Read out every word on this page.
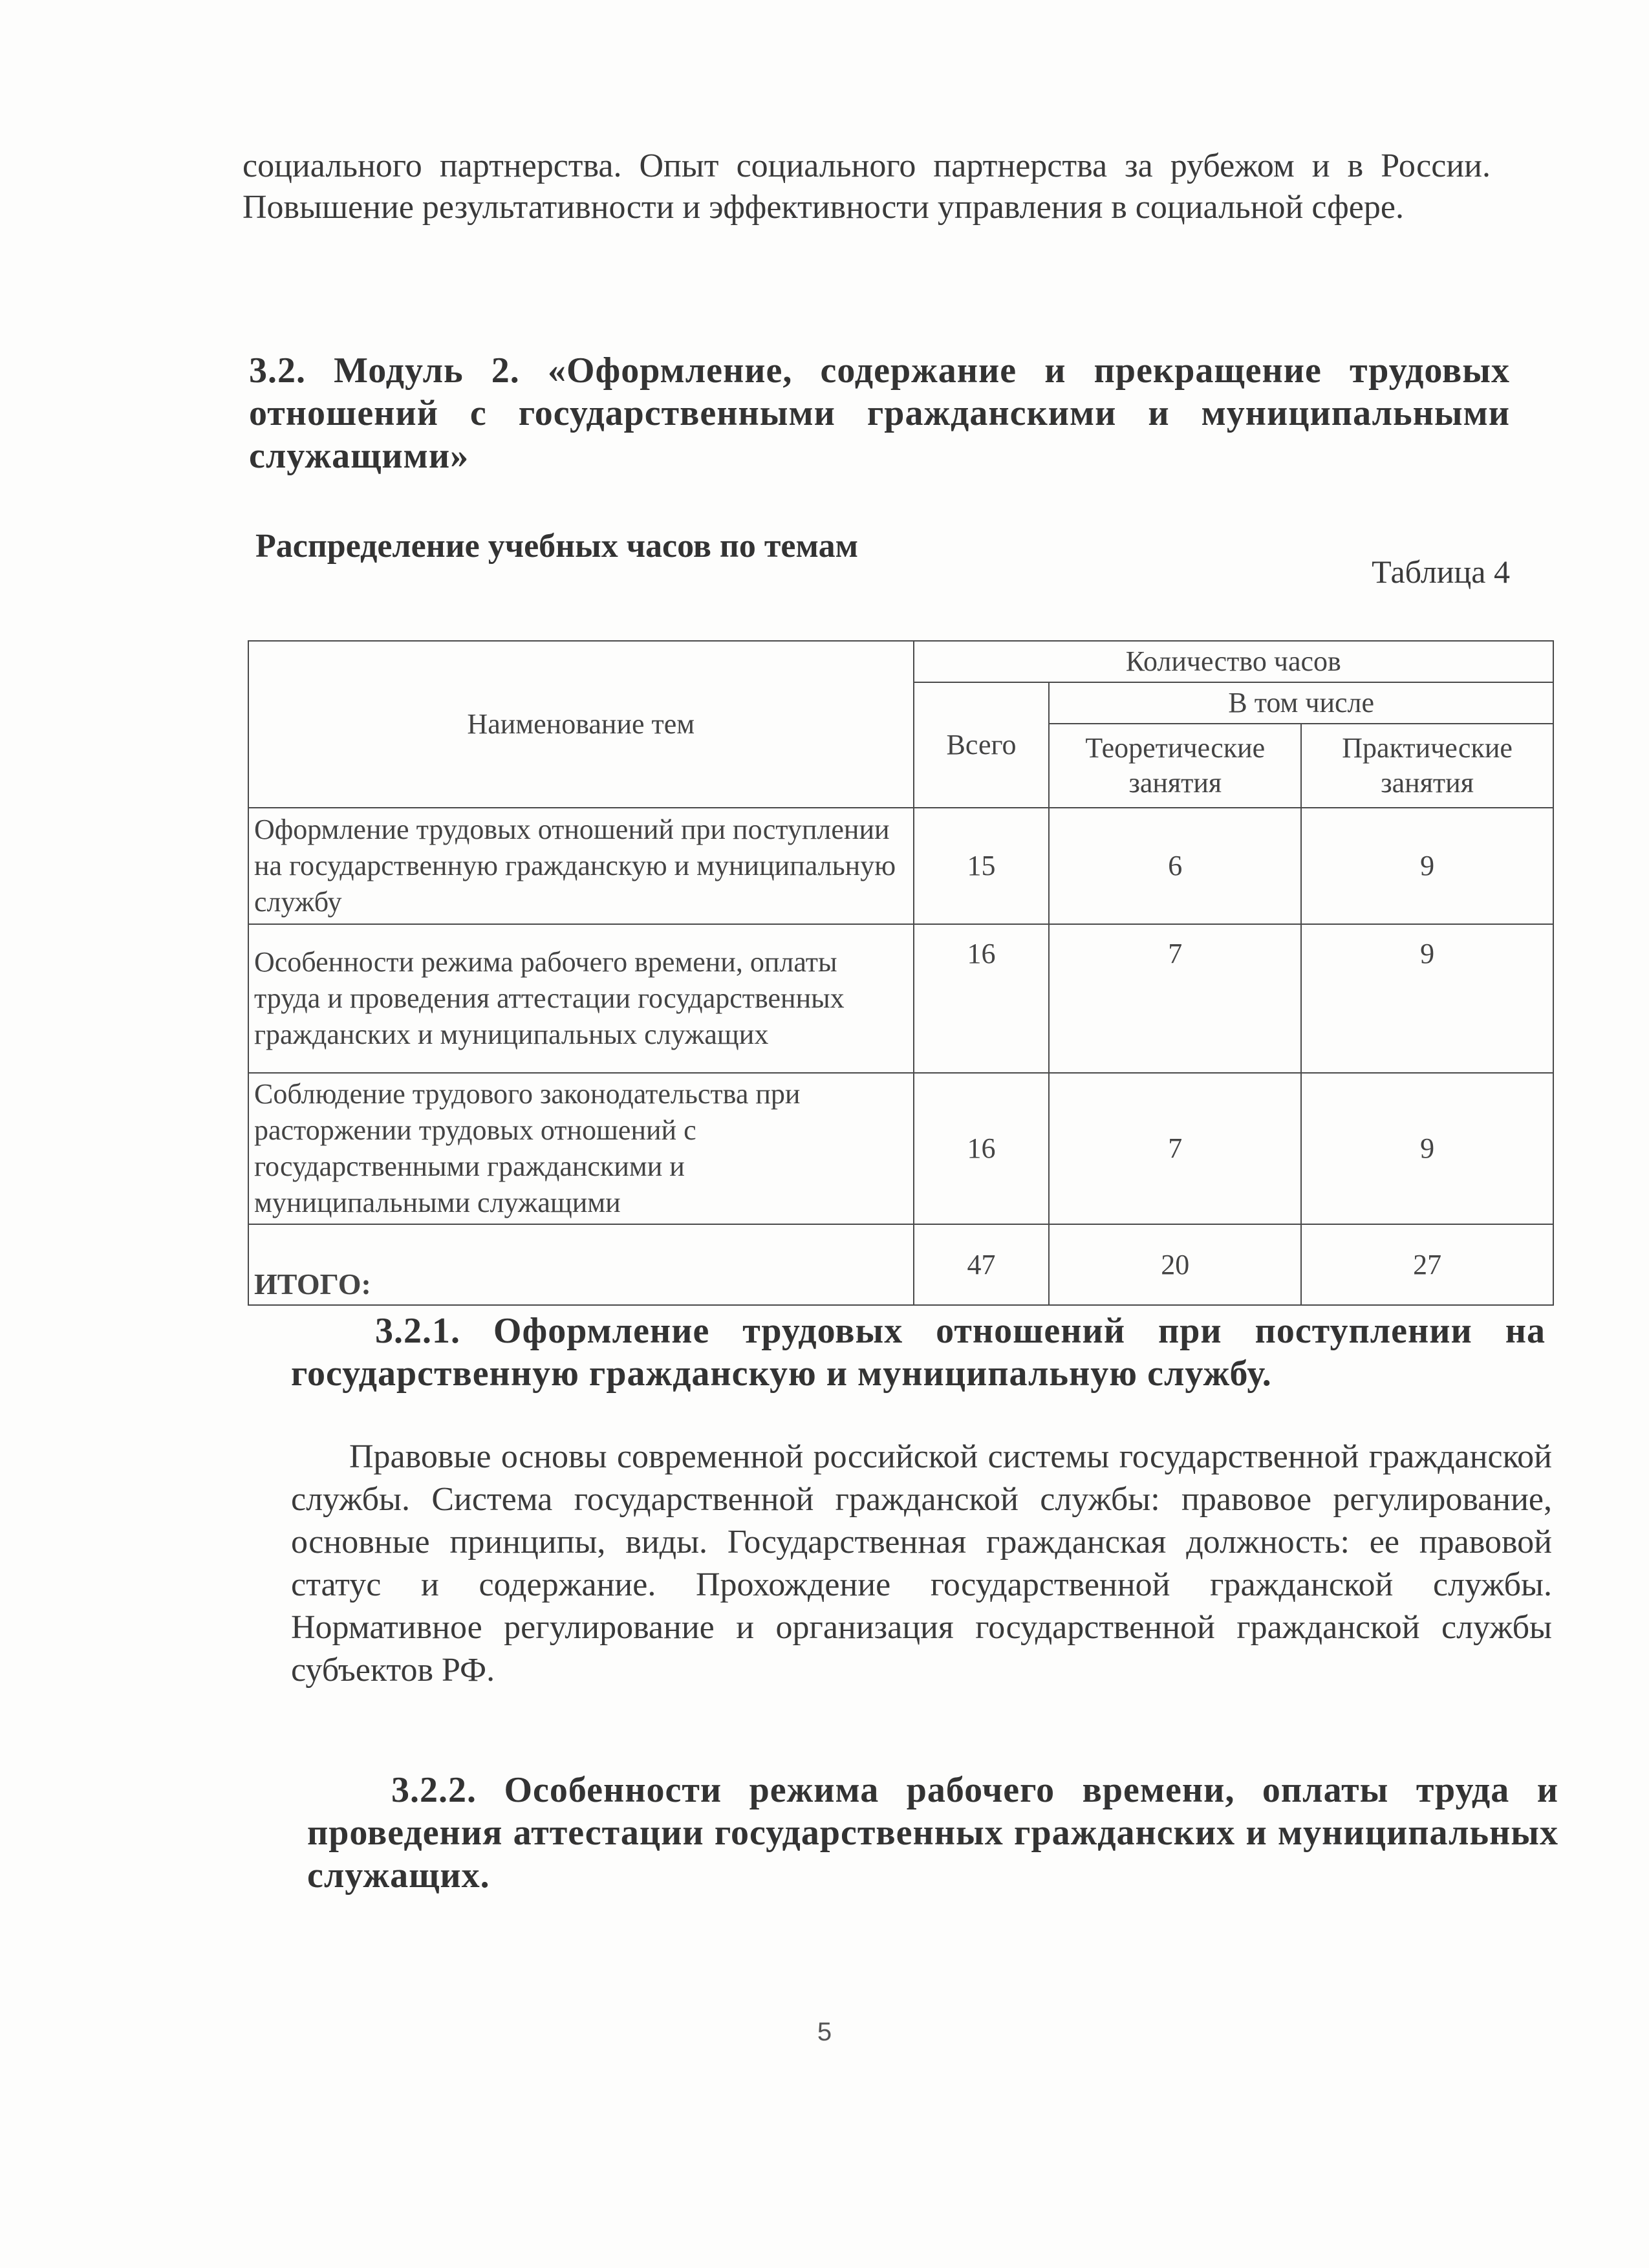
социального партнерства. Опыт социального партнерства за рубежом и в России. Повышение результативности и эффективности управления в социальной сфере.
3.2. Модуль 2. «Оформление, содержание и прекращение трудовых отношений с государственными гражданскими и муниципальными служащими»
Распределение учебных часов по темам
Таблица 4
Наименование тем	Количество часов		
	Всего	В том числе	
		Теоретические занятия	Практические занятия
Оформление трудовых отношений при поступлении на государственную гражданскую и муниципальную службу	15	6	9
Особенности режима рабочего времени, оплаты труда и проведения аттестации государственных гражданских и муниципальных служащих	16	7	9
Соблюдение трудового законодательства при расторжении трудовых отношений с государственными гражданскими и муниципальными служащими	16	7	9
ИТОГО:	47	20	27
3.2.1. Оформление трудовых отношений при поступлении на государственную гражданскую и муниципальную службу.
Правовые основы современной российской системы государственной гражданской службы. Система государственной гражданской службы: правовое регулирование, основные принципы, виды. Государственная гражданская должность: ее правовой статус и содержание. Прохождение государственной гражданской службы. Нормативное регулирование и организация государственной гражданской службы субъектов РФ.
3.2.2. Особенности режима рабочего времени, оплаты труда и проведения аттестации государственных гражданских и муниципальных служащих.
5
